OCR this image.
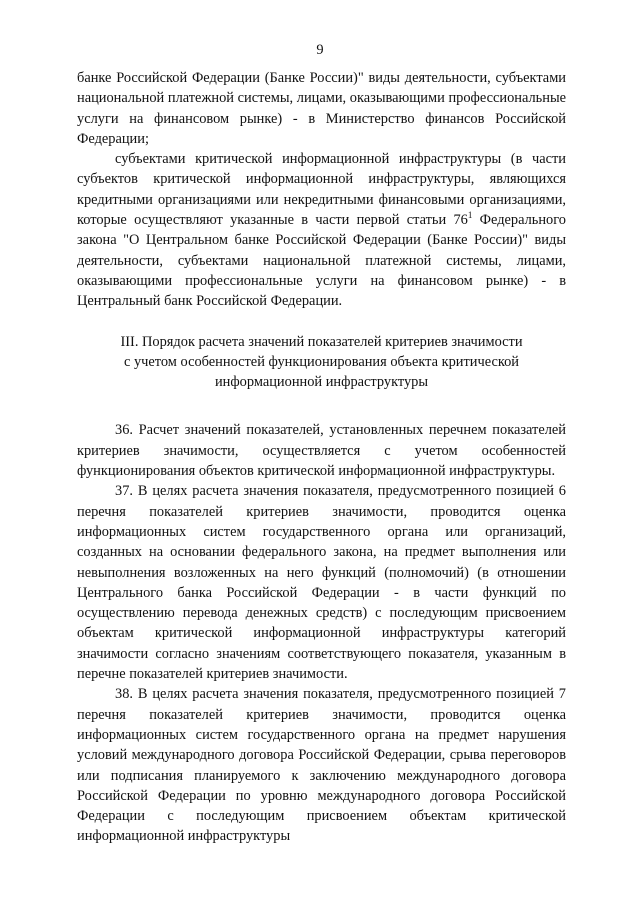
9

банке Российской Федерации (Банке России)" виды деятельности, субъектами национальной платежной системы, лицами, оказывающими профессиональные услуги на финансовом рынке) - в Министерство финансов Российской Федерации;

субъектами критической информационной инфраструктуры (в части субъектов критической информационной инфраструктуры, являющихся кредитными организациями или некредитными финансовыми организациями, которые осуществляют указанные в части первой статьи $76^1$ Федерального закона "О Центральном банке Российской Федерации (Банке России)" виды деятельности, субъектами национальной платежной системы, лицами, оказывающими профессиональные услуги на финансовом рынке) - в Центральный банк Российской Федерации.

III. Порядок расчета значений показателей критериев значимости
с учетом особенностей функционирования объекта критической
информационной инфраструктуры

36. Расчет значений показателей, установленных перечнем показателей критериев значимости, осуществляется с учетом особенностей функционирования объектов критической информационной инфраструктуры.

37. В целях расчета значения показателя, предусмотренного позицией 6 перечня показателей критериев значимости, проводится оценка информационных систем государственного органа или организаций, созданных на основании федерального закона, на предмет выполнения или невыполнения возложенных на него функций (полномочий) (в отношении Центрального банка Российской Федерации - в части функций по осуществлению перевода денежных средств) с последующим присвоением объектам критической информационной инфраструктуры категорий значимости согласно значениям соответствующего показателя, указанным в перечне показателей критериев значимости.

38. В целях расчета значения показателя, предусмотренного позицией 7 перечня показателей критериев значимости, проводится оценка информационных систем государственного органа на предмет нарушения условий международного договора Российской Федерации, срыва переговоров или подписания планируемого к заключению международного договора Российской Федерации по уровню международного договора Российской Федерации с последующим присвоением объектам критической информационной инфраструктуры
